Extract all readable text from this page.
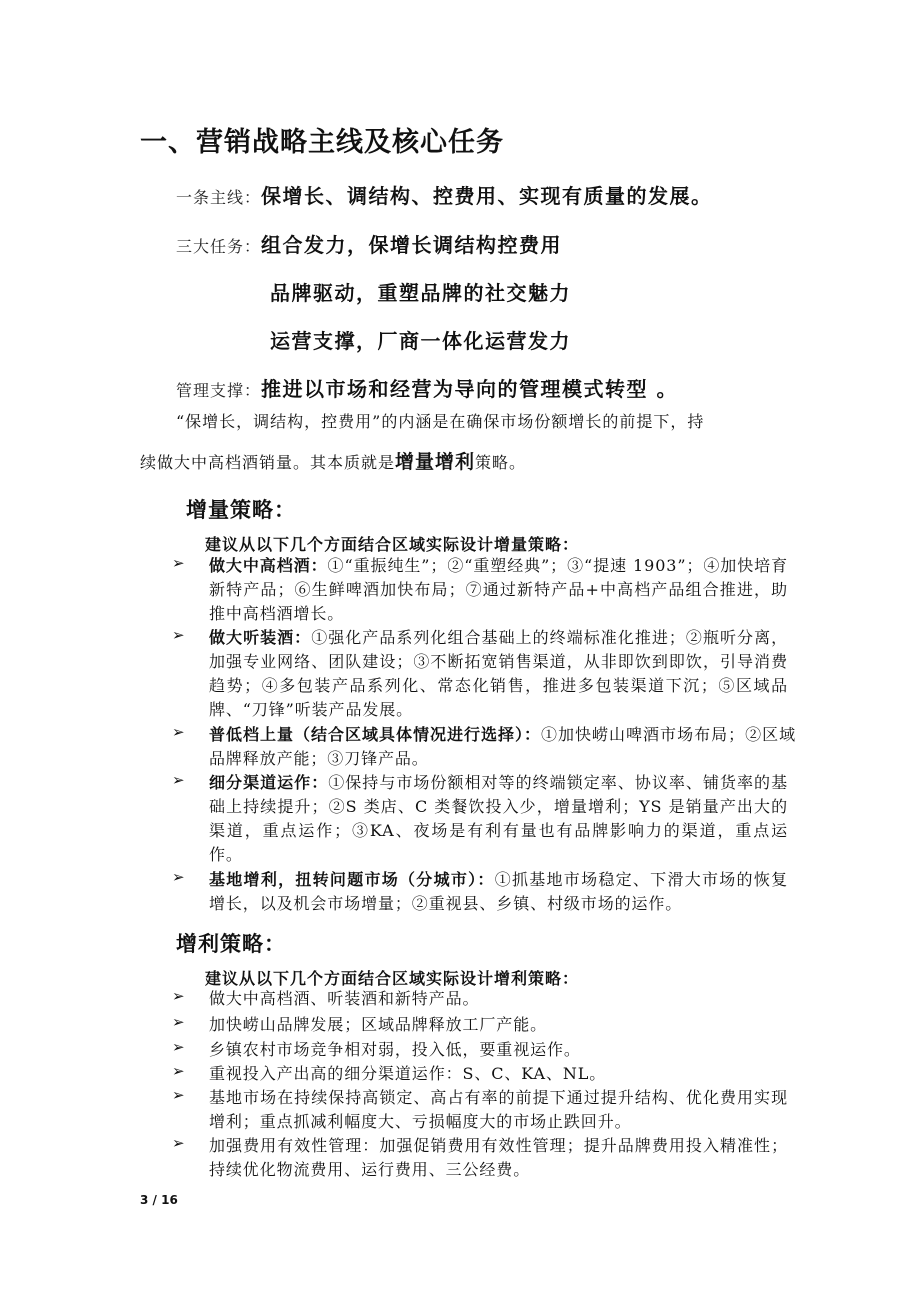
一、营销战略主线及核心任务
一条主线：保增长、调结构、控费用、实现有质量的发展。
三大任务：组合发力，保增长调结构控费用
品牌驱动，重塑品牌的社交魅力
运营支撑，厂商一体化运营发力
管理支撑：推进以市场和经营为导向的管理模式转型 。
“保增长，调结构，控费用”的内涵是在确保市场份额增长的前提下，持
续做大中高档酒销量。其本质就是增量增利策略。
增量策略：
建议从以下几个方面结合区域实际设计增量策略：
➢ 做大中高档酒：①“重振纯生”；②“重塑经典”；③“提速 1903”；④加快培育新特产品；⑥生鲜啤酒加快布局；⑦通过新特产品+中高档产品组合推进，助推中高档酒增长。
➢ 做大听装酒：①强化产品系列化组合基础上的终端标准化推进；②瓶听分离，加强专业网络、团队建设；③不断拓宽销售渠道，从非即饮到即饮，引导消费趋势；④多包装产品系列化、常态化销售，推进多包装渠道下沉；⑤区域品牌、“刀锋”听装产品发展。
➢ 普低档上量（结合区域具体情况进行选择）：①加快崂山啤酒市场布局；②区域品牌释放产能；③刀锋产品。
➢ 细分渠道运作：①保持与市场份额相对等的终端锁定率、协议率、铺货率的基础上持续提升；②S 类店、C 类餐饮投入少，增量增利；YS 是销量产出大的渠道，重点运作；③KA、夜场是有利有量也有品牌影响力的渠道，重点运作。
➢ 基地增利，扭转问题市场（分城市）：①抓基地市场稳定、下滑大市场的恢复增长，以及机会市场增量；②重视县、乡镇、村级市场的运作。
增利策略：
建议从以下几个方面结合区域实际设计增利策略：
➢ 做大中高档酒、听装酒和新特产品。
➢ 加快崂山品牌发展；区域品牌释放工厂产能。
➢ 乡镇农村市场竞争相对弱，投入低，要重视运作。
➢ 重视投入产出高的细分渠道运作：S、C、KA、NL。
➢ 基地市场在持续保持高锁定、高占有率的前提下通过提升结构、优化费用实现增利；重点抓减利幅度大、亏损幅度大的市场止跌回升。
➢ 加强费用有效性管理：加强促销费用有效性管理；提升品牌费用投入精准性；持续优化物流费用、运行费用、三公经费。
3 / 16
